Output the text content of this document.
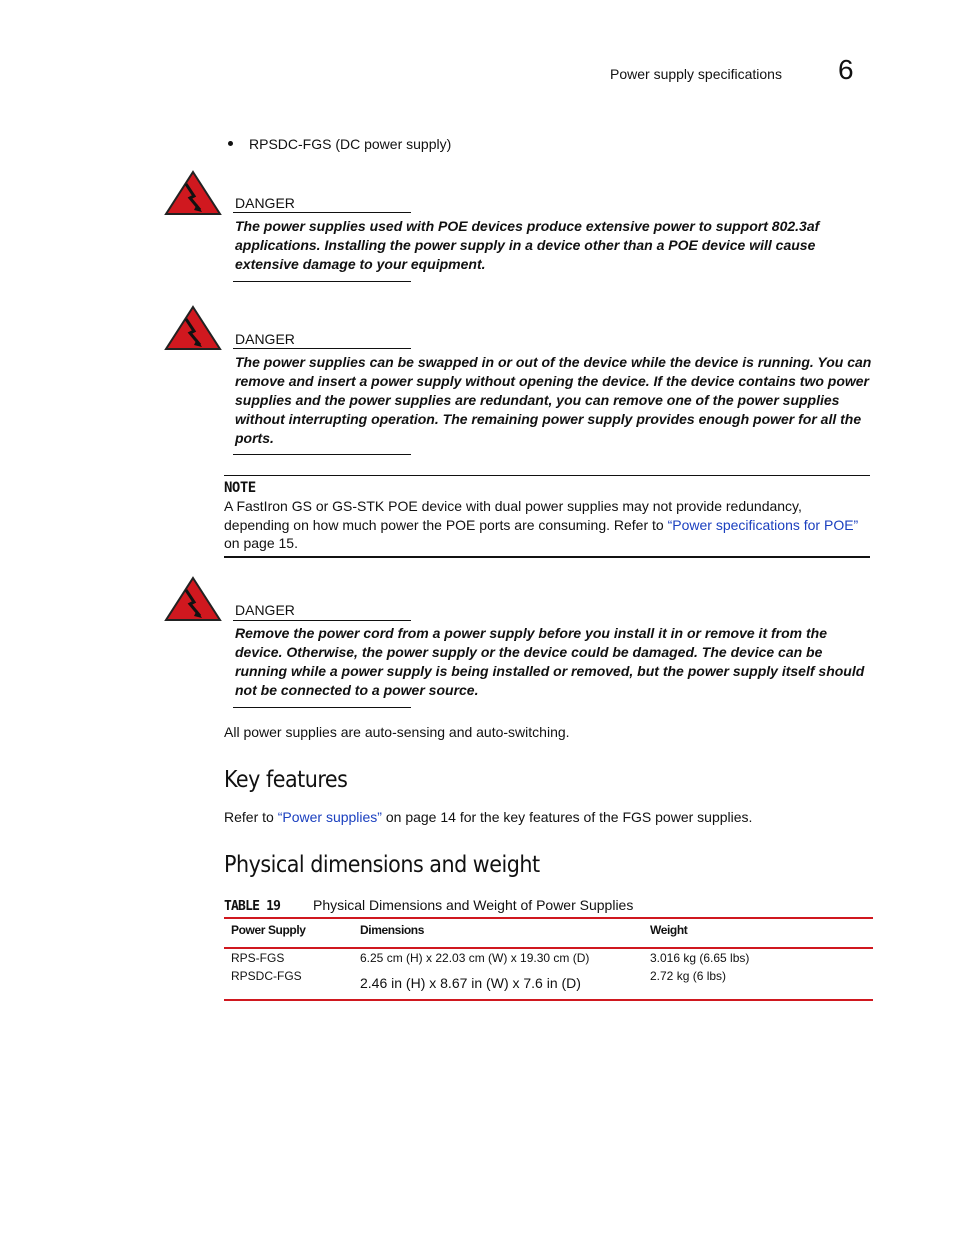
Power supply specifications 6
RPSDC-FGS (DC power supply)
DANGER
The power supplies used with POE devices produce extensive power to support 802.3af applications. Installing the power supply in a device other than a POE device will cause extensive damage to your equipment.
DANGER
The power supplies can be swapped in or out of the device while the device is running. You can remove and insert a power supply without opening the device. If the device contains two power supplies and the power supplies are redundant, you can remove one of the power supplies without interrupting operation. The remaining power supply provides enough power for all the ports.
NOTE
A FastIron GS or GS-STK POE device with dual power supplies may not provide redundancy, depending on how much power the POE ports are consuming. Refer to “Power specifications for POE” on page 15.
DANGER
Remove the power cord from a power supply before you install it in or remove it from the device. Otherwise, the power supply or the device could be damaged. The device can be running while a power supply is being installed or removed, but the power supply itself should not be connected to a power source.
All power supplies are auto-sensing and auto-switching.
Key features
Refer to “Power supplies” on page 14 for the key features of the FGS power supplies.
Physical dimensions and weight
TABLE 19 Physical Dimensions and Weight of Power Supplies
Power Supply	Dimensions	Weight
RPS-FGS
RPSDC-FGS
6.25 cm (H) x 22.03 cm (W) x 19.30 cm (D)
2.46 in (H) x 8.67 in (W) x 7.6 in (D)
3.016 kg (6.65 lbs)
2.72 kg (6 lbs)
